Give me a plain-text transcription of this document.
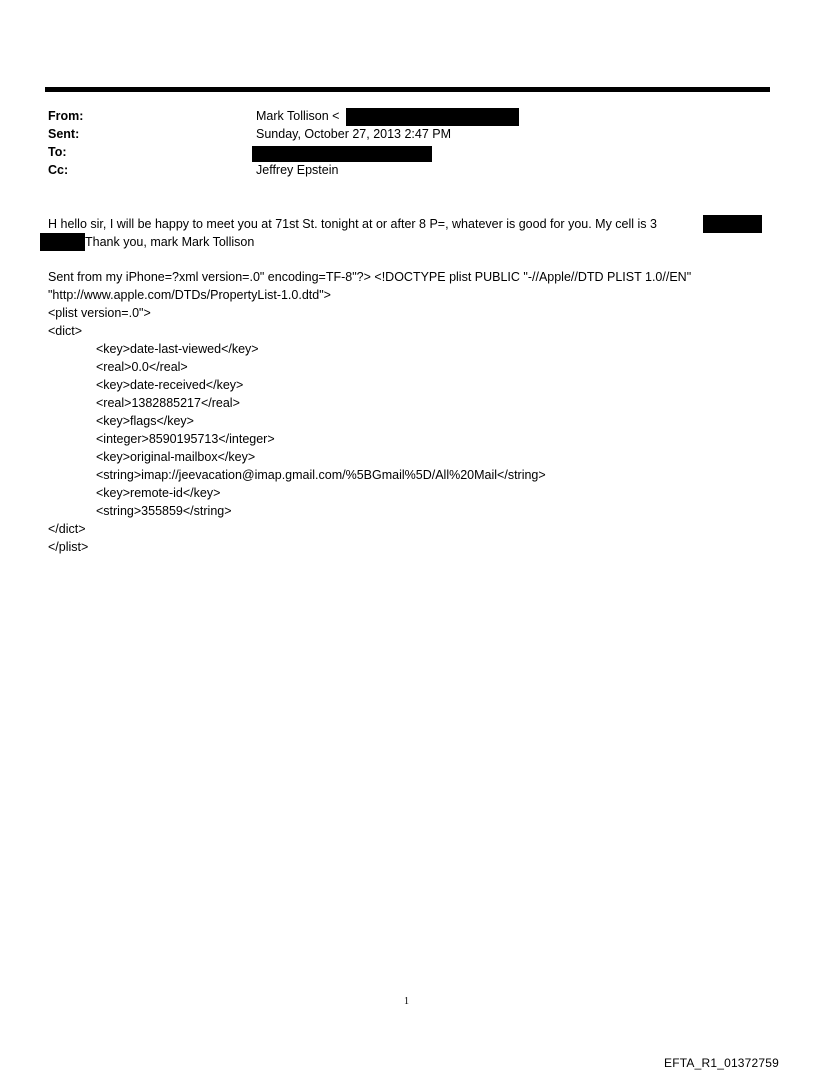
From:	Mark Tollison <
Sent:	Sunday, October 27, 2013 2:47 PM
To:
Cc:	Jeffrey Epstein
H hello sir, I will be happy to meet you at 71st St. tonight at or after 8 P=, whatever is good for you. My cell is 3
Thank you, mark Mark Tollison
Sent from my iPhone=?xml version=.0" encoding=TF-8"?> <!DOCTYPE plist PUBLIC "-//Apple//DTD PLIST 1.0//EN"
"http://www.apple.com/DTDs/PropertyList-1.0.dtd">
<plist version=.0">
<dict>
<key>date-last-viewed</key>
<real>0.0</real>
<key>date-received</key>
<real>1382885217</real>
<key>flags</key>
<integer>8590195713</integer>
<key>original-mailbox</key>
<string>imap://jeevacation@imap.gmail.com/%5BGmail%5D/All%20Mail</string>
<key>remote-id</key>
<string>355859</string>
</dict>
</plist>
1
EFTA_R1_01372759
